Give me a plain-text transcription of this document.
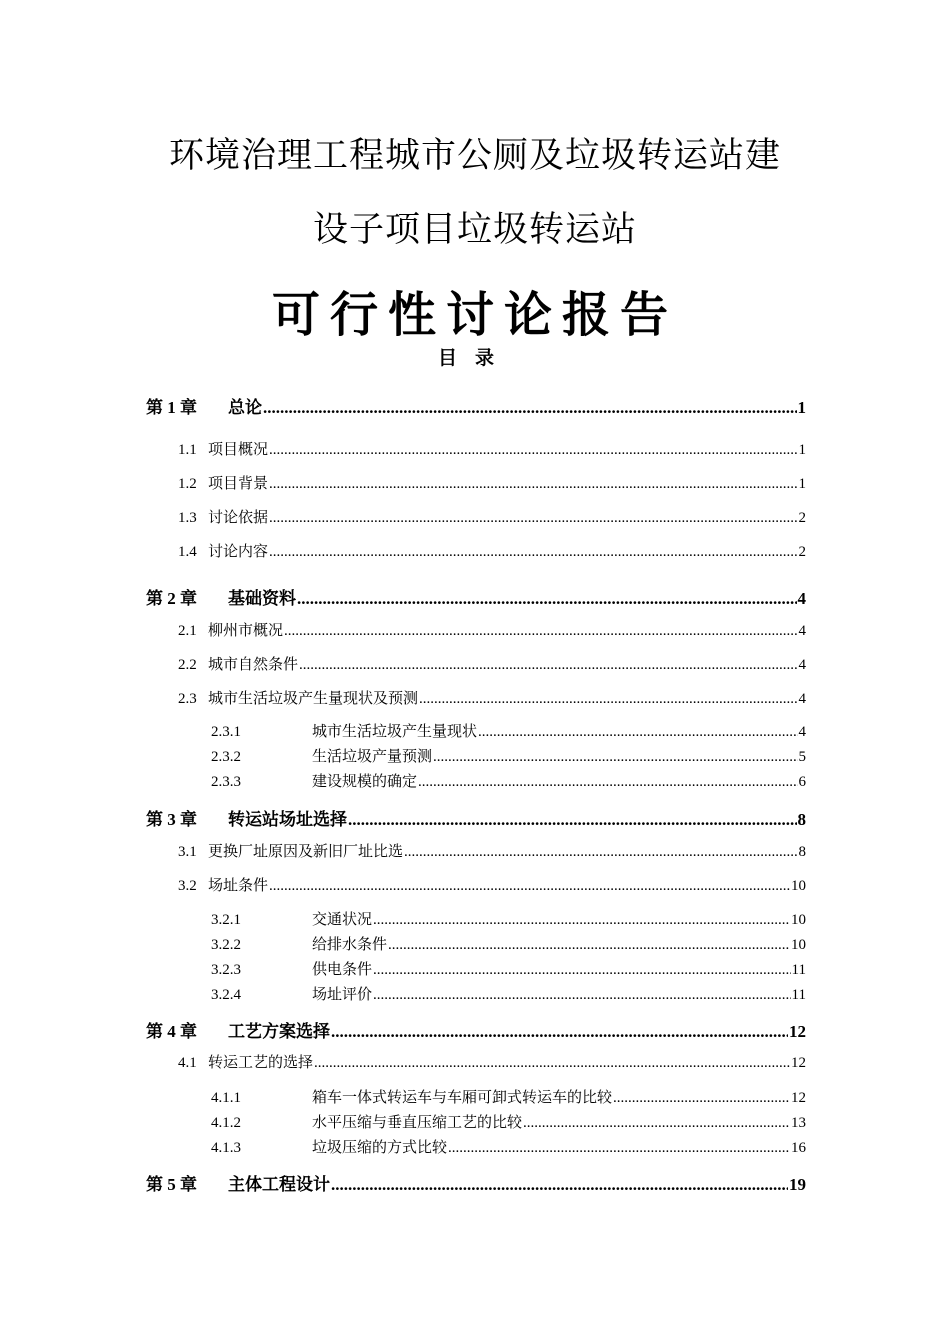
环境治理工程城市公厕及垃圾转运站建
设子项目垃圾转运站
可行性讨论报告
目录
第 1 章	总论 .....	1
1.1 项目概况 .....	1
1.2 项目背景 .....	1
1.3 讨论依据 .....	2
1.4 讨论内容 .....	2
第 2 章	基础资料 .....	4
2.1 柳州市概况 .....	4
2.2 城市自然条件 .....	4
2.3 城市生活垃圾产生量现状及预测 .....	4
2.3.1	城市生活垃圾产生量现状 .....	4
2.3.2	生活垃圾产量预测 .....	5
2.3.3	建设规模的确定 .....	6
第 3 章	转运站场址选择 .....	8
3.1 更换厂址原因及新旧厂址比选 .....	8
3.2 场址条件 .....	10
3.2.1	交通状况 .....	10
3.2.2	给排水条件 .....	10
3.2.3	供电条件 .....	11
3.2.4	场址评价 .....	11
第 4 章	工艺方案选择 .....	12
4.1 转运工艺的选择 .....	12
4.1.1	箱车一体式转运车与车厢可卸式转运车的比较 .....	12
4.1.2	水平压缩与垂直压缩工艺的比较 .....	13
4.1.3	垃圾压缩的方式比较 .....	16
第 5 章	主体工程设计 .....	19
